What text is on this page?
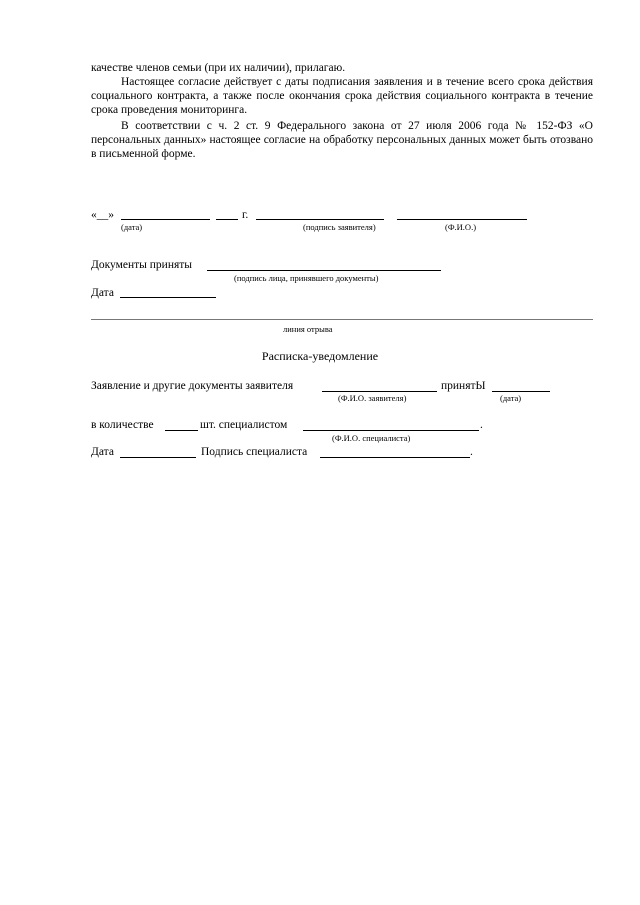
качестве членов семьи (при их наличии), прилагаю.
Настоящее согласие действует с даты подписания заявления и в течение всего срока действия социального контракта, а также после окончания срока действия социального контракта в течение срока проведения мониторинга.
В соответствии с ч. 2 ст. 9 Федерального закона от 27 июля 2006 года № 152-ФЗ «О персональных данных» настоящее согласие на обработку персональных данных может быть отозвано в письменной форме.
«__»	г.
(дата)	(подпись заявителя)	(Ф.И.О.)
Документы приняты
(подпись лица, принявшего документы)
Дата
линия отрыва
Расписка-уведомление
Заявление и другие документы заявителя	принятЫ
(Ф.И.О. заявителя)	(дата)
в количестве	шт. специалистом	.
(Ф.И.О. специалиста)
Дата	Подпись специалиста	.
